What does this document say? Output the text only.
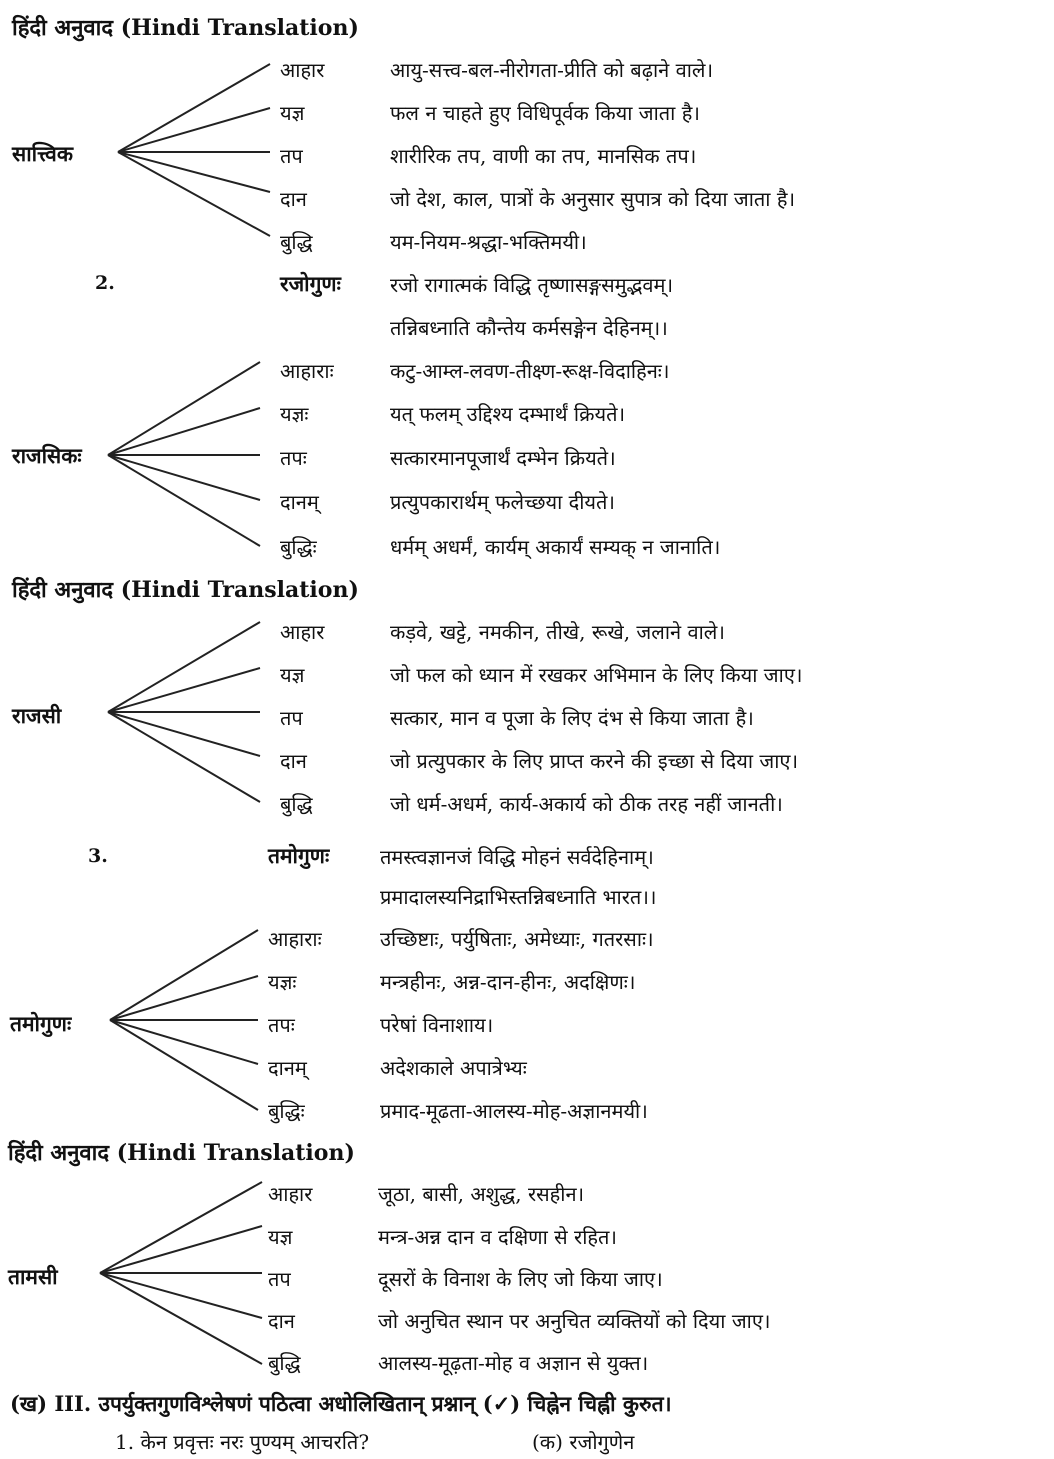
हिंदी अनुवाद (Hindi Translation)
सात्त्विक
आहार	आयु-सत्त्व-बल-नीरोगता-प्रीति को बढ़ाने वाले।
यज्ञ	फल न चाहते हुए विधिपूर्वक किया जाता है।
तप	शारीरिक तप, वाणी का तप, मानसिक तप।
दान	जो देश, काल, पात्रों के अनुसार सुपात्र को दिया जाता है।
बुद्धि	यम-नियम-श्रद्धा-भक्तिमयी।
2.	रजोगुणः रजो रागात्मकं विद्धि तृष्णासङ्गसमुद्भवम्।
तन्निबध्नाति कौन्तेय कर्मसङ्गेन देहिनम्।।
राजसिकः
आहाराः	कटु-आम्ल-लवण-तीक्ष्ण-रूक्ष-विदाहिनः।
यज्ञः	यत् फलम् उद्दिश्य दम्भार्थं क्रियते।
तपः	सत्कारमानपूजार्थं दम्भेन क्रियते।
दानम्	प्रत्युपकारार्थम् फलेच्छया दीयते।
बुद्धिः	धर्मम् अधर्मं, कार्यम् अकार्यं सम्यक् न जानाति।
हिंदी अनुवाद (Hindi Translation)
राजसी
आहार	कड़वे, खट्टे, नमकीन, तीखे, रूखे, जलाने वाले।
यज्ञ	जो फल को ध्यान में रखकर अभिमान के लिए किया जाए।
तप	सत्कार, मान व पूजा के लिए दंभ से किया जाता है।
दान	जो प्रत्युपकार के लिए प्राप्त करने की इच्छा से दिया जाए।
बुद्धि	जो धर्म-अधर्म, कार्य-अकार्य को ठीक तरह नहीं जानती।
3.	तमोगुणः	तमस्त्वज्ञानजं विद्धि मोहनं सर्वदेहिनाम्।
प्रमादालस्यनिद्राभिस्तन्निबध्नाति भारत।।
तमोगुणः
आहाराः	उच्छिष्टाः, पर्युषिताः, अमेध्याः, गतरसाः।
यज्ञः	मन्त्रहीनः, अन्न-दान-हीनः, अदक्षिणः।
तपः	परेषां विनाशाय।
दानम्	अदेशकाले अपात्रेभ्यः
बुद्धिः	प्रमाद-मूढता-आलस्य-मोह-अज्ञानमयी।
हिंदी अनुवाद (Hindi Translation)
तामसी
आहार	जूठा, बासी, अशुद्ध, रसहीन।
यज्ञ	मन्त्र-अन्न दान व दक्षिणा से रहित।
तप	दूसरों के विनाश के लिए जो किया जाए।
दान	जो अनुचित स्थान पर अनुचित व्यक्तियों को दिया जाए।
बुद्धि	आलस्य-मूढ़ता-मोह व अज्ञान से युक्त।
(ख) III. उपर्युक्तगुणविश्लेषणं पठित्वा अधोलिखितान् प्रश्नान् (✓) चिह्नेन चिह्नी कुरुत।
1. केन प्रवृत्तः नरः पुण्यम् आचरति?	(क) रजोगुणेन
